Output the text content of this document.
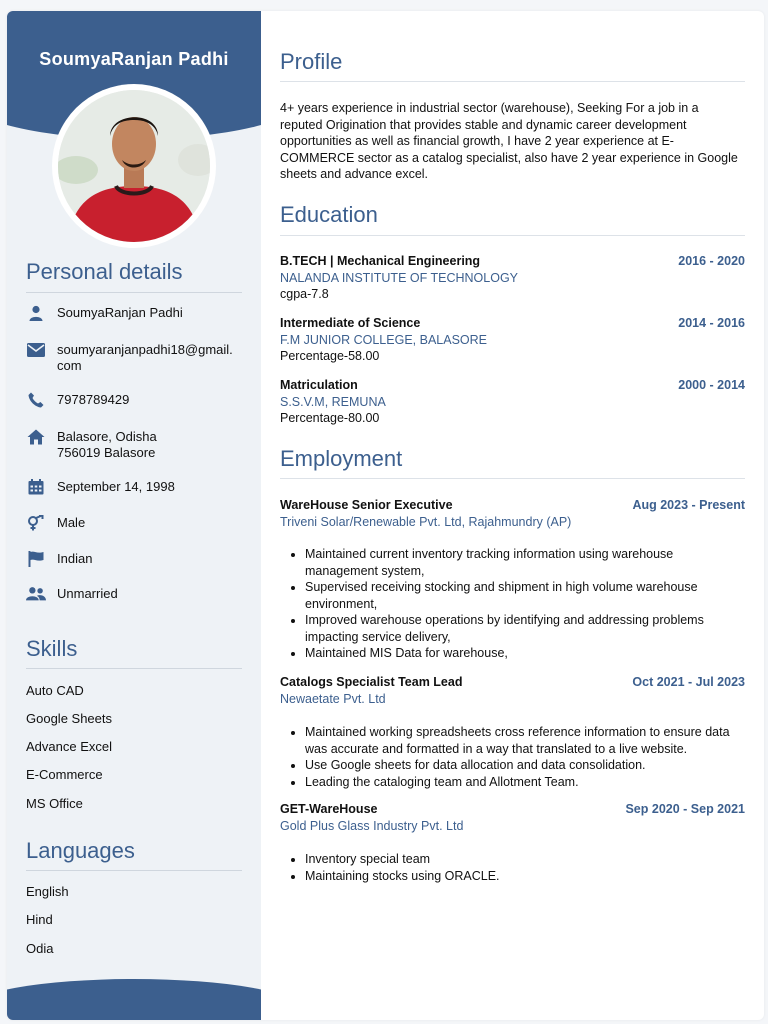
SoumyaRanjan Padhi
Personal details
SoumyaRanjan Padhi
soumyaranjanpadhi18@gmail.
com
7978789429
Balasore, Odisha
756019 Balasore
September 14, 1998
Male
Indian
Unmarried
Skills
Auto CAD
Google Sheets
Advance Excel
E-Commerce
MS Office
Languages
English
Hind
Odia
Profile
4+ years experience in industrial sector (warehouse), Seeking For a job in a reputed Origination that provides stable and dynamic career development opportunities as well as financial growth, I have 2 year experience at E-COMMERCE sector as a catalog specialist, also have 2 year experience in Google sheets and advance excel.
Education
B.TECH | Mechanical Engineering	2016 - 2020
NALANDA INSTITUTE OF TECHNOLOGY
cgpa-7.8
Intermediate of Science	2014 - 2016
F.M JUNIOR COLLEGE, BALASORE
Percentage-58.00
Matriculation	2000 - 2014
S.S.V.M, REMUNA
Percentage-80.00
Employment
WareHouse Senior Executive	Aug 2023 - Present
Triveni Solar/Renewable Pvt. Ltd, Rajahmundry (AP)
• Maintained current inventory tracking information using warehouse management system,
• Supervised receiving stocking and shipment in high volume warehouse environment,
• Improved warehouse operations by identifying and addressing problems impacting service delivery,
• Maintained MIS Data for warehouse,
Catalogs Specialist Team Lead	Oct 2021 - Jul 2023
Newaetate Pvt. Ltd
• Maintained working spreadsheets cross reference information to ensure data was accurate and formatted in a way that translated to a live website.
• Use Google sheets for data allocation and data consolidation.
• Leading the cataloging team and Allotment Team.
GET-WareHouse	Sep 2020 - Sep 2021
Gold Plus Glass Industry Pvt. Ltd
• Inventory special team
• Maintaining stocks using ORACLE.
